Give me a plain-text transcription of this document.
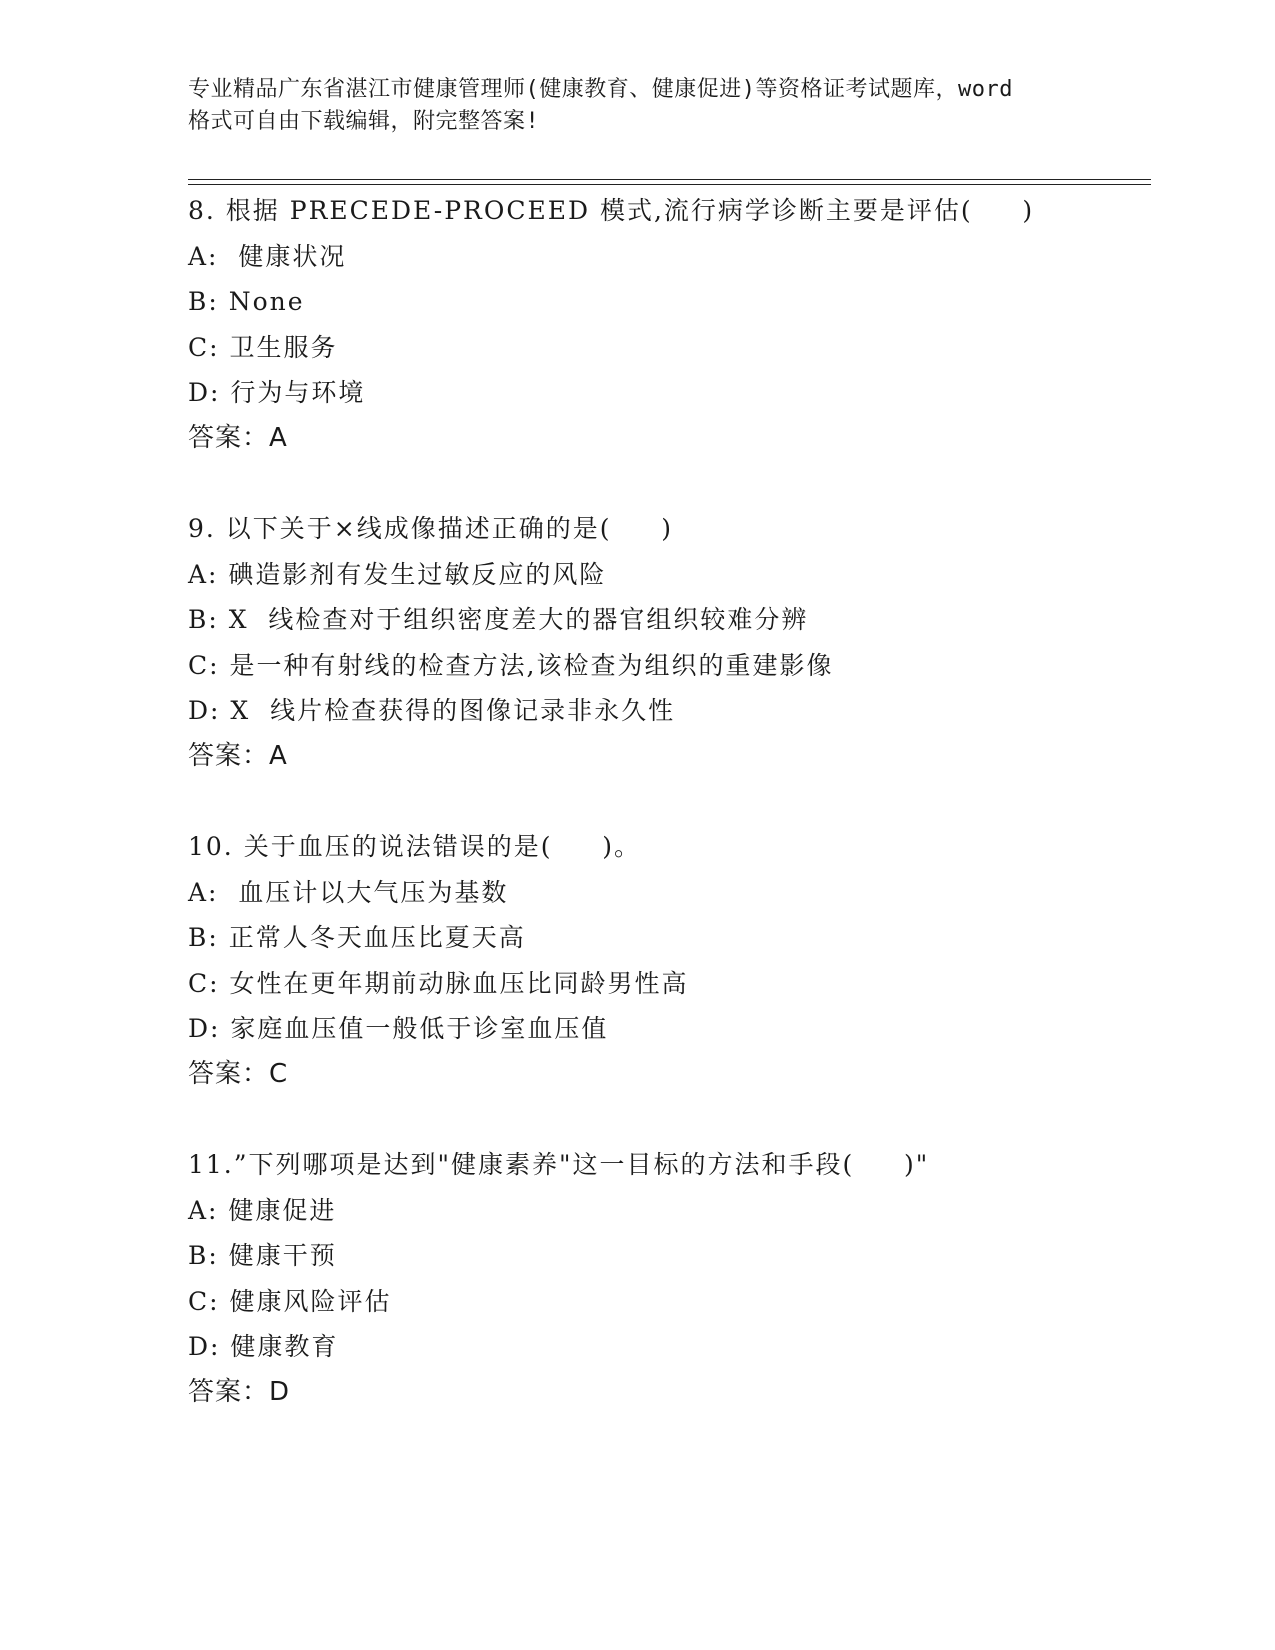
专业精品广东省湛江市健康管理师(健康教育、健康促进)等资格证考试题库，word
格式可自由下载编辑，附完整答案!
8. 根据 PRECEDE-PROCEED 模式,流行病学诊断主要是评估(     )
A:  健康状况
B: None
C: 卫生服务
D: 行为与环境
答案：A
9. 以下关于×线成像描述正确的是(     )
A: 碘造影剂有发生过敏反应的风险
B: X  线检查对于组织密度差大的器官组织较难分辨
C: 是一种有射线的检查方法,该检查为组织的重建影像
D: X  线片检查获得的图像记录非永久性
答案：A
10. 关于血压的说法错误的是(     )。
A:  血压计以大气压为基数
B: 正常人冬天血压比夏天高
C: 女性在更年期前动脉血压比同龄男性高
D: 家庭血压值一般低于诊室血压值
答案：C
11.”下列哪项是达到"健康素养"这一目标的方法和手段(     )"
A: 健康促进
B: 健康干预
C: 健康风险评估
D: 健康教育
答案：D
